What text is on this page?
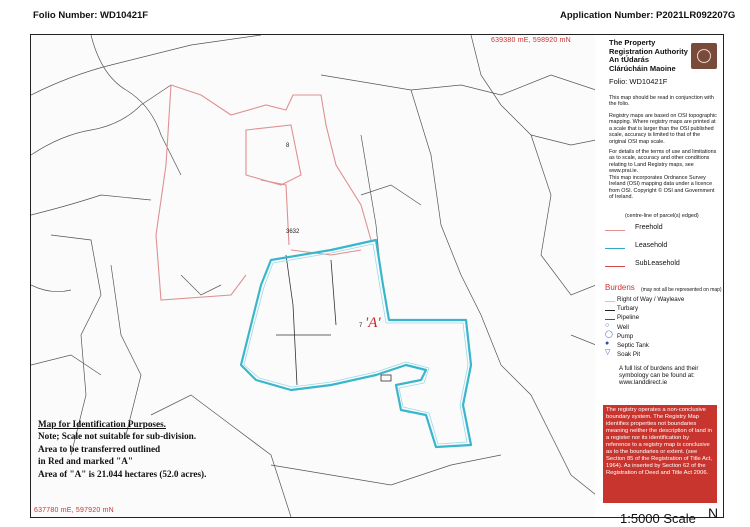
Folio Number: WD10421F	Application Number: P2021LR092207G
639380 mE, 598920 mN
637780 mE, 597920 mN
8
3632
7 'A'
Map for Identification Purposes.
Note; Scale not suitable for sub-division.
Area to be transferred outlined
in Red and marked "A"
Area of "A" is 21.044 hectares (52.0 acres).
The Property
Registration Authority
An tÚdarás
Clárúcháin Maoine
Folio: WD10421F
This map should be read in conjunction with the folio.
Registry maps are based on OSI topographic mapping. Where registry maps are printed at a scale that is larger than the OSI published scale, accuracy is limited to that of the original OSI map scale.
For details of the terms of use and limitations as to scale, accuracy and other conditions relating to Land Registry maps, see www.prai.ie.
This map incorporates Ordnance Survey Ireland (OSI) mapping data under a licence from OSI. Copyright © OSI and Government of Ireland.
(centre-line of parcel(s) edged)
Freehold
Leasehold
SubLeasehold
Burdens (may not all be represented on map)
Right of Way / Wayleave
Turbary
Pipeline
○ Well
◯ Pump
● Septic Tank
▽ Soak Pit
A full list of burdens and their symbology can be found at: www.landdirect.ie
The registry operates a non-conclusive boundary system. The Registry Map identifies properties not boundaries meaning neither the description of land in a register nor its identification by reference to a registry map is conclusive as to the boundaries or extent. (see Section 85 of the Registration of Title Act, 1964). As inserted by Section 62 of the Registration of Deed and Title Act 2006.
1:5000 Scale N
